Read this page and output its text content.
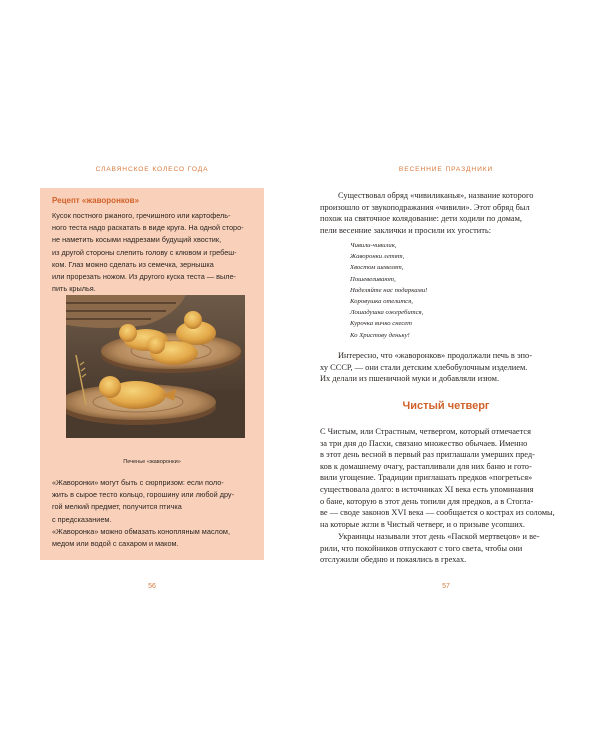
СЛАВЯНСКОЕ КОЛЕСО ГОДА
Рецепт «жаворонков»
Кусок постного ржаного, гречишного или картофель-
ного теста надо раскатать в виде круга. На одной сторо-
не наметить косыми надрезами будущий хвостик,
из другой стороны слепить голову с клювом и гребеш-
ком. Глаз можно сделать из семечка, зернышка
или прорезать ножом. Из другого куска теста — выле-
пить крылья.
Печенье «жаворонки»
«Жаворонки» могут быть с сюрпризом: если поло-
жить в сырое тесто кольцо, горошину или любой дру-
гой мелкий предмет, получится птичка
с предсказанием.
«Жаворонка» можно обмазать конопляным маслом,
медом или водой с сахаром и маком.
56
ВЕСЕННИЕ ПРАЗДНИКИ
Существовал обряд «чивиликанья», название которого
произошло от звукоподражания «чивили». Этот обряд был
похож на святочное колядование: дети ходили по домам,
пели весенние заклички и просили их угостить:
Чивили-чивилик,
Жаворонки летят,
Хвостом шевелят,
Пошевеливают,
Наделяйте нас подарками!
Коровушка отелится,
Лошадушка ожеребится,
Курочка яичко снесет
Ко Христову деньку!
Интересно, что «жаворонков» продолжали печь в эпо-
ху СССР, — они стали детским хлебобулочным изделием.
Их делали из пшеничной муки и добавляли изюм.
Чистый четверг
С Чистым, или Страстным, четвергом, который отмечается
за три дня до Пасхи, связано множество обычаев. Именно
в этот день весной в первый раз приглашали умерших пред-
ков к домашнему очагу, растапливали для них баню и гото-
вили угощение. Традиции приглашать предков «погреться»
существовала долго: в источниках XI века есть упоминания
о бане, которую в этот день топили для предков, а в Стогла-
ве — своде законов XVI века — сообщается о кострах из соломы,
на которые жгли в Чистый четверг, и о призыве усопших.
Украинцы называли этот день «Паской мертвецов» и ве-
рили, что покойников отпускают с того света, чтобы они
отслужили обедню и покаялись в грехах.
57
